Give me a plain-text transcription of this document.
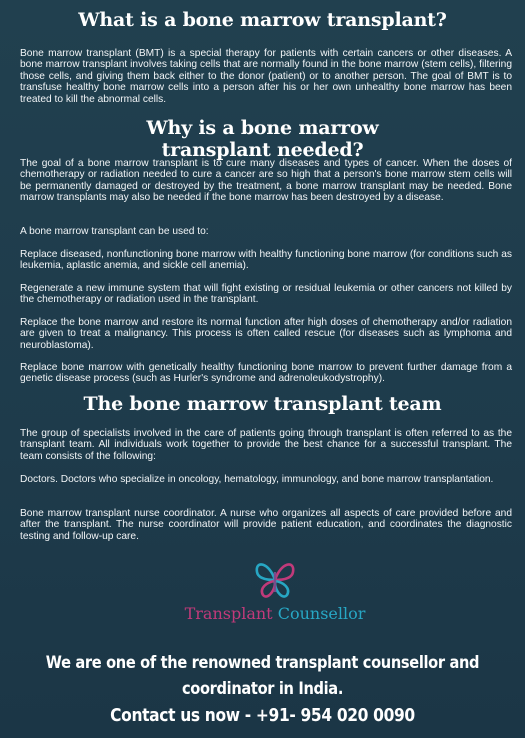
What is a bone marrow transplant?

Bone marrow transplant (BMT) is a special therapy for patients with certain cancers or other diseases. A bone marrow transplant involves taking cells that are normally found in the bone marrow (stem cells), filtering those cells, and giving them back either to the donor (patient) or to another person. The goal of BMT is to transfuse healthy bone marrow cells into a person after his or her own unhealthy bone marrow has been treated to kill the abnormal cells.

Why is a bone marrow transplant needed?

The goal of a bone marrow transplant is to cure many diseases and types of cancer. When the doses of chemotherapy or radiation needed to cure a cancer are so high that a person's bone marrow stem cells will be permanently damaged or destroyed by the treatment, a bone marrow transplant may be needed. Bone marrow transplants may also be needed if the bone marrow has been destroyed by a disease.

A bone marrow transplant can be used to:

Replace diseased, nonfunctioning bone marrow with healthy functioning bone marrow (for conditions such as leukemia, aplastic anemia, and sickle cell anemia).

Regenerate a new immune system that will fight existing or residual leukemia or other cancers not killed by the chemotherapy or radiation used in the transplant.

Replace the bone marrow and restore its normal function after high doses of chemotherapy and/or radiation are given to treat a malignancy. This process is often called rescue (for diseases such as lymphoma and neuroblastoma).

Replace bone marrow with genetically healthy functioning bone marrow to prevent further damage from a genetic disease process (such as Hurler's syndrome and adrenoleukodystrophy).

The bone marrow transplant team

The group of specialists involved in the care of patients going through transplant is often referred to as the transplant team. All individuals work together to provide the best chance for a successful transplant. The team consists of the following:

Doctors. Doctors who specialize in oncology, hematology, immunology, and bone marrow transplantation.

Bone marrow transplant nurse coordinator. A nurse who organizes all aspects of care provided before and after the transplant. The nurse coordinator will provide patient education, and coordinates the diagnostic testing and follow-up care.

Transplant Counsellor
We are one of the renowned transplant counsellor and
coordinator in India.
Contact us now - +91- 954 020 0090
